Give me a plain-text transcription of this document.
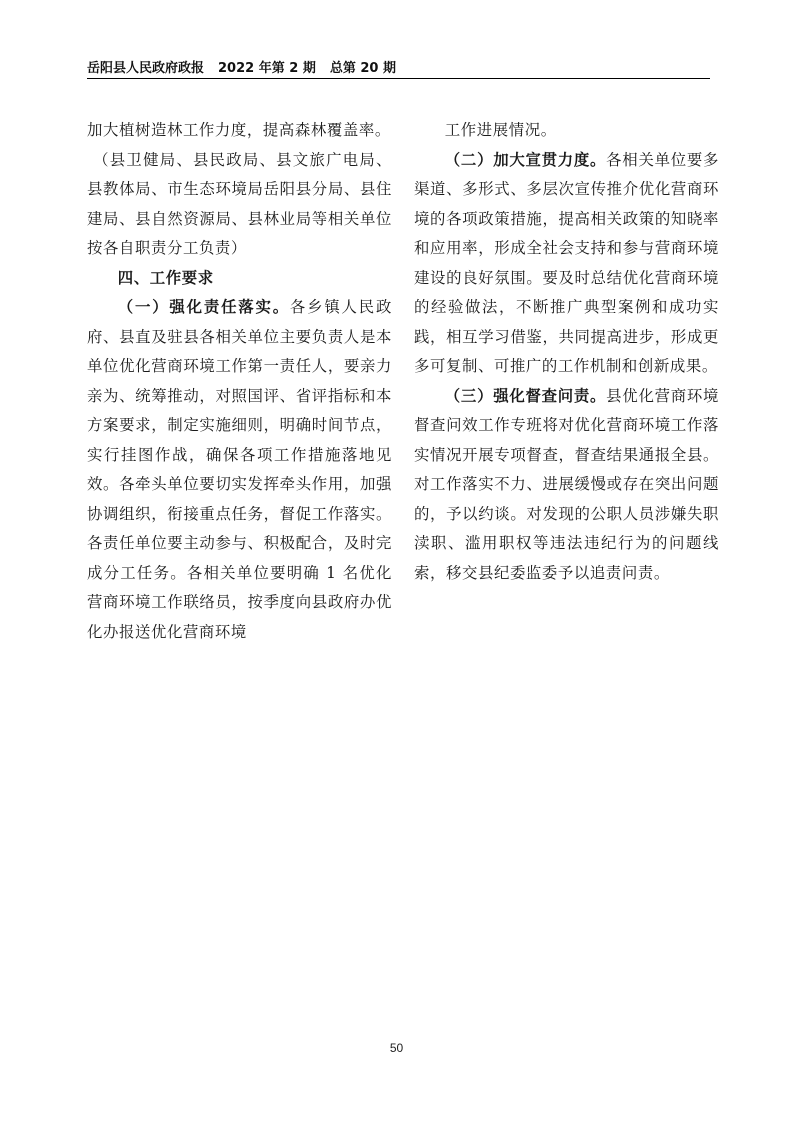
岳阳县人民政府政报 2022 年第 2 期 总第 20 期

加大植树造林工作力度，提高森林覆盖率。

（县卫健局、县民政局、县文旅广电局、县教体局、市生态环境局岳阳县分局、县住建局、县自然资源局、县林业局等相关单位按各自职责分工负责）

四、工作要求

（一）强化责任落实。各乡镇人民政府、县直及驻县各相关单位主要负责人是本单位优化营商环境工作第一责任人，要亲力亲为、统筹推动，对照国评、省评指标和本方案要求，制定实施细则，明确时间节点，实行挂图作战，确保各项工作措施落地见效。各牵头单位要切实发挥牵头作用，加强协调组织，衔接重点任务，督促工作落实。各责任单位要主动参与、积极配合，及时完成分工任务。各相关单位要明确 1 名优化营商环境工作联络员，按季度向县政府办优化办报送优化营商环境

工作进展情况。

（二）加大宣贯力度。各相关单位要多渠道、多形式、多层次宣传推介优化营商环境的各项政策措施，提高相关政策的知晓率和应用率，形成全社会支持和参与营商环境建设的良好氛围。要及时总结优化营商环境的经验做法，不断推广典型案例和成功实践，相互学习借鉴，共同提高进步，形成更多可复制、可推广的工作机制和创新成果。

（三）强化督查问责。县优化营商环境督查问效工作专班将对优化营商环境工作落实情况开展专项督查，督查结果通报全县。对工作落实不力、进展缓慢或存在突出问题的，予以约谈。对发现的公职人员涉嫌失职渎职、滥用职权等违法违纪行为的问题线索，移交县纪委监委予以追责问责。

50
